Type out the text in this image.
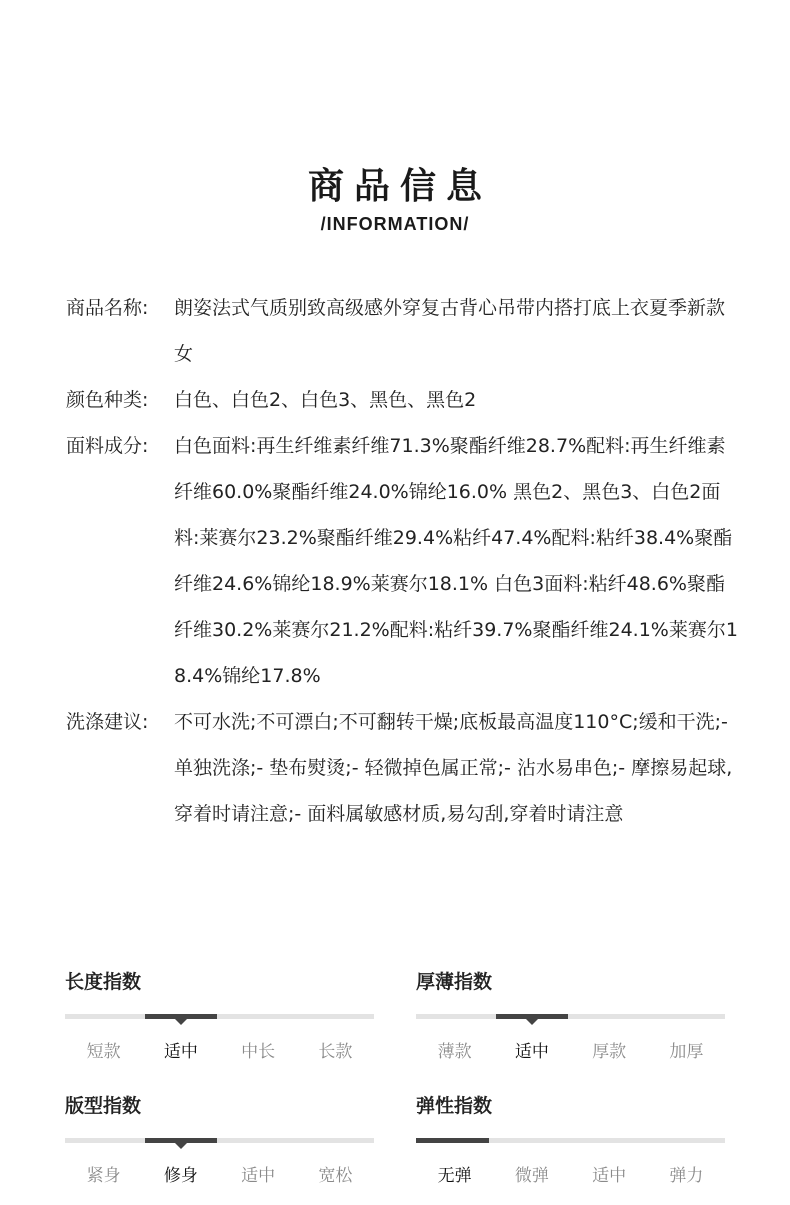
商品信息
/INFORMATION/
商品名称:	朗姿法式气质别致高级感外穿复古背心吊带内搭打底上衣夏季新款女
颜色种类:	白色、白色2、白色3、黑色、黑色2
面料成分:	白色面料:再生纤维素纤维71.3%聚酯纤维28.7%配料:再生纤维素纤维60.0%聚酯纤维24.0%锦纶16.0% 黑色2、黑色3、白色2面料:莱赛尔23.2%聚酯纤维29.4%粘纤47.4%配料:粘纤38.4%聚酯纤维24.6%锦纶18.9%莱赛尔18.1% 白色3面料:粘纤48.6%聚酯纤维30.2%莱赛尔21.2%配料:粘纤39.7%聚酯纤维24.1%莱赛尔18.4%锦纶17.8%
洗涤建议:	不可水洗;不可漂白;不可翻转干燥;底板最高温度110°C;缓和干洗;- 单独洗涤;- 垫布熨烫;- 轻微掉色属正常;- 沾水易串色;- 摩擦易起球,穿着时请注意;- 面料属敏感材质,易勾刮,穿着时请注意
长度指数
短款	适中	中长	长款
厚薄指数
薄款	适中	厚款	加厚
版型指数
紧身	修身	适中	宽松
弹性指数
无弹	微弹	适中	弹力
